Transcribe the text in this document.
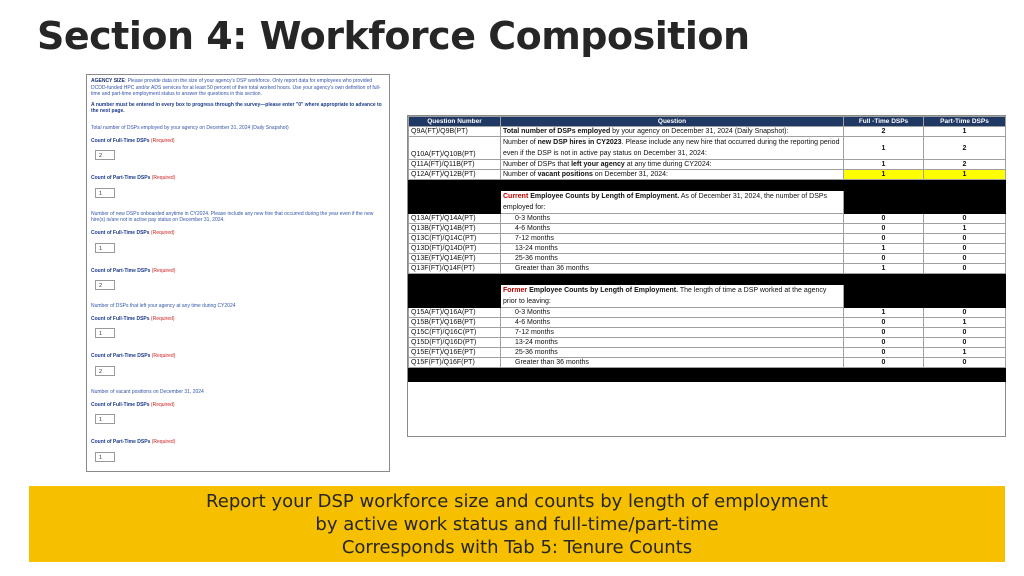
Section 4: Workforce Composition

AGENCY SIZE: Please provide data on the size of your agency's DSP workforce. Only report data for employees who provided DCDD-funded HPC and/or ADS services for at least 50 percent of their total worked hours. Use your agency's own definition of full-time and part-time employment status to answer the questions in this section.

A number must be entered in every box to progress through the survey—please enter "0" where appropriate to advance to the next page.

Total number of DSPs employed by your agency on December 31, 2024 (Daily Snapshot)

Count of Full-Time DSPs (Required)

2

Count of Part-Time DSPs (Required)

1

Number of new DSPs onboarded anytime in CY2024. Please include any new hire that occurred during the year even if the new hire(s) is/are not in active pay status on December 31, 2024.

Count of Full-Time DSPs (Required)

1

Count of Part-Time DSPs (Required)

2

Number of DSPs that left your agency at any time during CY2024

Count of Full-Time DSPs (Required)

1

Count of Part-Time DSPs (Required)

2

Number of vacant positions on December 31, 2024

Count of Full-Time DSPs (Required)

1

Count of Part-Time DSPs (Required)

1
Question Number	Question	Full -Time DSPs	Part-Time DSPs
Q9A(FT)/Q9B(PT)	Total number of DSPs employed by your agency on December 31, 2024 (Daily Snapshot):	2	1
Q10A(FT)/Q10B(PT)	Number of new DSP hires in CY2023. Please include any new hire that occurred during the reporting period even if the DSP is not in active pay status on December 31, 2024:	1	2
Q11A(FT)/Q11B(PT)	Number of DSPs that left your agency at any time during CY2024:	1	2
Q12A(FT)/Q12B(PT)	Number of vacant positions on December 31, 2024:	1	1

	Current Employee Counts by Length of Employment. As of December 31, 2024, the number of DSPs employed for:		
Q13A(FT)/Q14A(PT)	0-3 Months	0	0
Q13B(FT)/Q14B(PT)	4-6 Months	0	1
Q13C(FT)/Q14C(PT)	7-12 months	0	0
Q13D(FT)/Q14D(PT)	13-24 months	1	0
Q13E(FT)/Q14E(PT)	25-36 months	0	0
Q13F(FT)/Q14F(PT)	Greater than 36 months	1	0

	Former Employee Counts by Length of Employment. The length of time a DSP worked at the agency prior to leaving:		
Q15A(FT)/Q16A(PT)	0-3 Months	1	0
Q15B(FT)/Q16B(PT)	4-6 Months	0	1
Q15C(FT)/Q16C(PT)	7-12 months	0	0
Q15D(FT)/Q16D(PT)	13-24 months	0	0
Q15E(FT)/Q16E(PT)	25-36 months	0	1
Q15F(FT)/Q16F(PT)	Greater than 36 months	0	0

Report your DSP workforce size and counts by length of employment
by active work status and full-time/part-time
Corresponds with Tab 5: Tenure Counts
